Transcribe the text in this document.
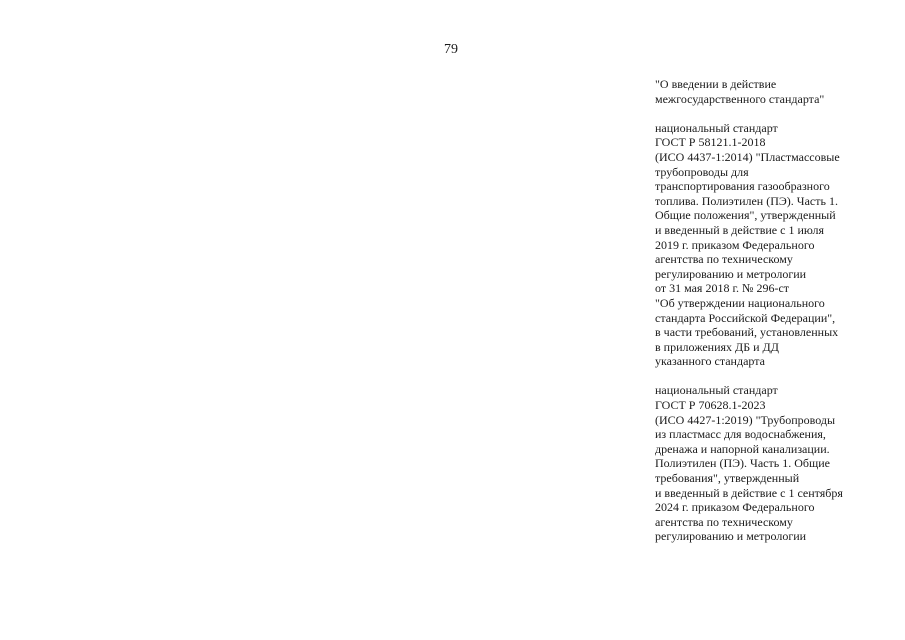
79
"О введении в действие
межгосударственного стандарта"
национальный стандарт
ГОСТ Р 58121.1-2018
(ИСО 4437-1:2014) "Пластмассовые
трубопроводы для
транспортирования газообразного
топлива. Полиэтилен (ПЭ). Часть 1.
Общие положения", утвержденный
и введенный в действие с 1 июля
2019 г. приказом Федерального
агентства по техническому
регулированию и метрологии
от 31 мая 2018 г. № 296-ст
"Об утверждении национального
стандарта Российской Федерации",
в части требований, установленных
в приложениях ДБ и ДД
указанного стандарта
национальный стандарт
ГОСТ Р 70628.1-2023
(ИСО 4427-1:2019) "Трубопроводы
из пластмасс для водоснабжения,
дренажа и напорной канализации.
Полиэтилен (ПЭ). Часть 1. Общие
требования", утвержденный
и введенный в действие с 1 сентября
2024 г. приказом Федерального
агентства по техническому
регулированию и метрологии
